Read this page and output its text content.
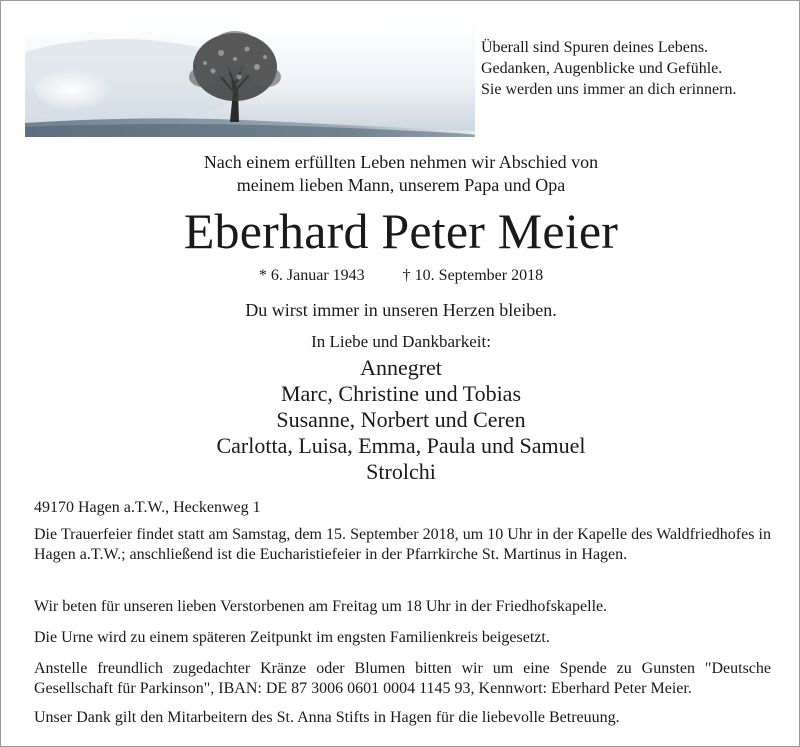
Überall sind Spuren deines Lebens.
Gedanken, Augenblicke und Gefühle.
Sie werden uns immer an dich erinnern.
Nach einem erfüllten Leben nehmen wir Abschied von
meinem lieben Mann, unserem Papa und Opa
Eberhard Peter Meier
* 6. Januar 1943 † 10. September 2018
Du wirst immer in unseren Herzen bleiben.
In Liebe und Dankbarkeit:
Annegret
Marc, Christine und Tobias
Susanne, Norbert und Ceren
Carlotta, Luisa, Emma, Paula und Samuel
Strolchi
49170 Hagen a.T.W., Heckenweg 1
Die Trauerfeier findet statt am Samstag, dem 15. September 2018, um 10 Uhr in der Kapelle des Waldfriedhofes in Hagen a.T.W.; anschließend ist die Eucharistiefeier in der Pfarrkirche St. Martinus in Hagen.
Wir beten für unseren lieben Verstorbenen am Freitag um 18 Uhr in der Friedhofskapelle.
Die Urne wird zu einem späteren Zeitpunkt im engsten Familienkreis beigesetzt.
Anstelle freundlich zugedachter Kränze oder Blumen bitten wir um eine Spende zu Gunsten "Deutsche Gesellschaft für Parkinson", IBAN: DE 87 3006 0601 0004 1145 93, Kennwort: Eberhard Peter Meier.
Unser Dank gilt den Mitarbeitern des St. Anna Stifts in Hagen für die liebevolle Betreuung.
